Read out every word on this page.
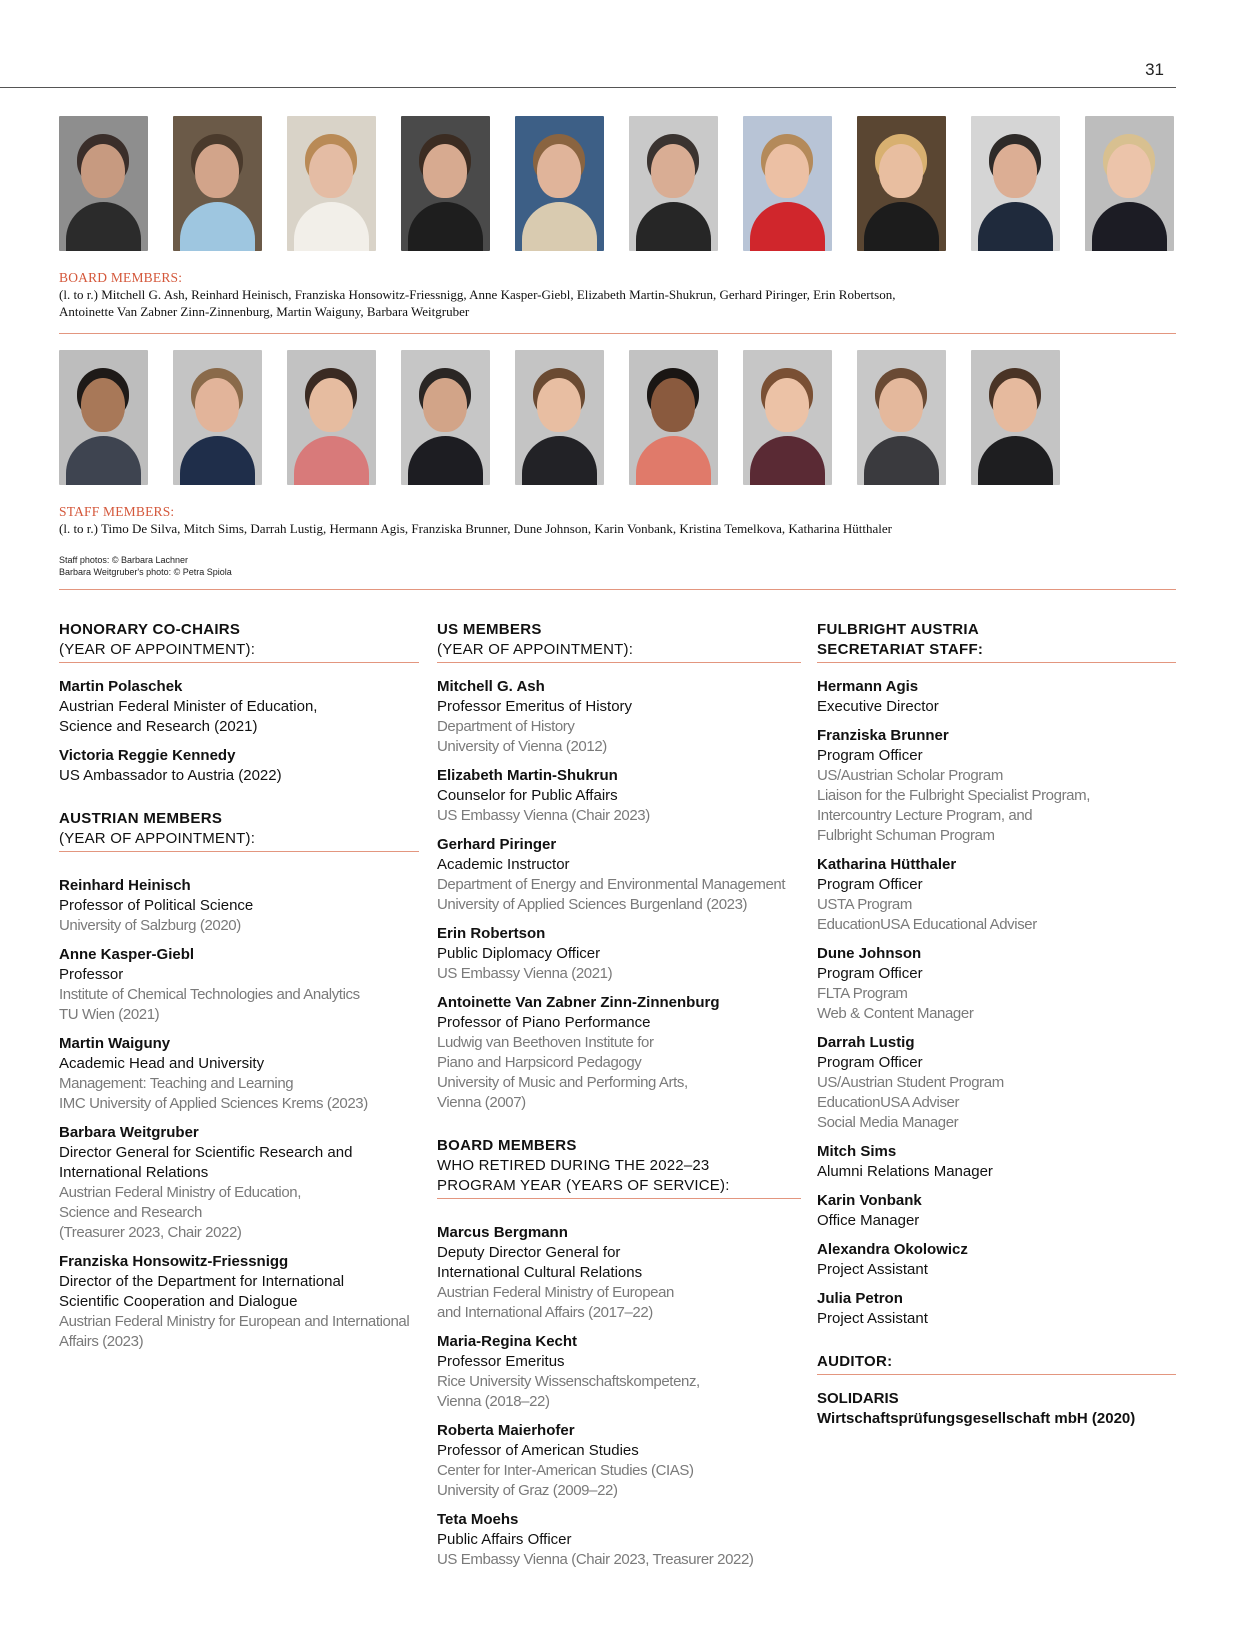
31
BOARD MEMBERS:
(l. to r.) Mitchell G. Ash, Reinhard Heinisch, Franziska Honsowitz-Friessnigg, Anne Kasper-Giebl, Elizabeth Martin-Shukrun, Gerhard Piringer, Erin Robertson,
Antoinette Van Zabner Zinn-Zinnenburg, Martin Waiguny, Barbara Weitgruber
STAFF MEMBERS:
(l. to r.) Timo De Silva, Mitch Sims, Darrah Lustig, Hermann Agis, Franziska Brunner, Dune Johnson, Karin Vonbank, Kristina Temelkova, Katharina Hütthaler
Staff photos: © Barbara Lachner
Barbara Weitgruber's photo: © Petra Spiola
HONORARY CO-CHAIRS
(YEAR OF APPOINTMENT):
Martin Polaschek
Austrian Federal Minister of Education,
Science and Research (2021)
Victoria Reggie Kennedy
US Ambassador to Austria (2022)
AUSTRIAN MEMBERS
(YEAR OF APPOINTMENT):
Reinhard Heinisch
Professor of Political Science
University of Salzburg (2020)
Anne Kasper-Giebl
Professor
Institute of Chemical Technologies and Analytics
TU Wien (2021)
Martin Waiguny
Academic Head and University
Management: Teaching and Learning
IMC University of Applied Sciences Krems (2023)
Barbara Weitgruber
Director General for Scientific Research and
International Relations
Austrian Federal Ministry of Education,
Science and Research
(Treasurer 2023, Chair 2022)
Franziska Honsowitz-Friessnigg
Director of the Department for International
Scientific Cooperation and Dialogue
Austrian Federal Ministry for European and International
Affairs (2023)
US MEMBERS
(YEAR OF APPOINTMENT):
Mitchell G. Ash
Professor Emeritus of History
Department of History
University of Vienna (2012)
Elizabeth Martin-Shukrun
Counselor for Public Affairs
US Embassy Vienna (Chair 2023)
Gerhard Piringer
Academic Instructor
Department of Energy and Environmental Management
University of Applied Sciences Burgenland (2023)
Erin Robertson
Public Diplomacy Officer
US Embassy Vienna (2021)
Antoinette Van Zabner Zinn-Zinnenburg
Professor of Piano Performance
Ludwig van Beethoven Institute for
Piano and Harpsicord Pedagogy
University of Music and Performing Arts,
Vienna (2007)
BOARD MEMBERS
WHO RETIRED DURING THE 2022–23
PROGRAM YEAR (YEARS OF SERVICE):
Marcus Bergmann
Deputy Director General for
International Cultural Relations
Austrian Federal Ministry of European
and International Affairs (2017–22)
Maria-Regina Kecht
Professor Emeritus
Rice University Wissenschaftskompetenz,
Vienna (2018–22)
Roberta Maierhofer
Professor of American Studies
Center for Inter-American Studies (CIAS)
University of Graz (2009–22)
Teta Moehs
Public Affairs Officer
US Embassy Vienna (Chair 2023, Treasurer 2022)
FULBRIGHT AUSTRIA
SECRETARIAT STAFF:
Hermann Agis
Executive Director
Franziska Brunner
Program Officer
US/Austrian Scholar Program
Liaison for the Fulbright Specialist Program,
Intercountry Lecture Program, and
Fulbright Schuman Program
Katharina Hütthaler
Program Officer
USTA Program
EducationUSA Educational Adviser
Dune Johnson
Program Officer
FLTA Program
Web & Content Manager
Darrah Lustig
Program Officer
US/Austrian Student Program
EducationUSA Adviser
Social Media Manager
Mitch Sims
Alumni Relations Manager
Karin Vonbank
Office Manager
Alexandra Okolowicz
Project Assistant
Julia Petron
Project Assistant
AUDITOR:
SOLIDARIS
Wirtschaftsprüfungsgesellschaft mbH (2020)
